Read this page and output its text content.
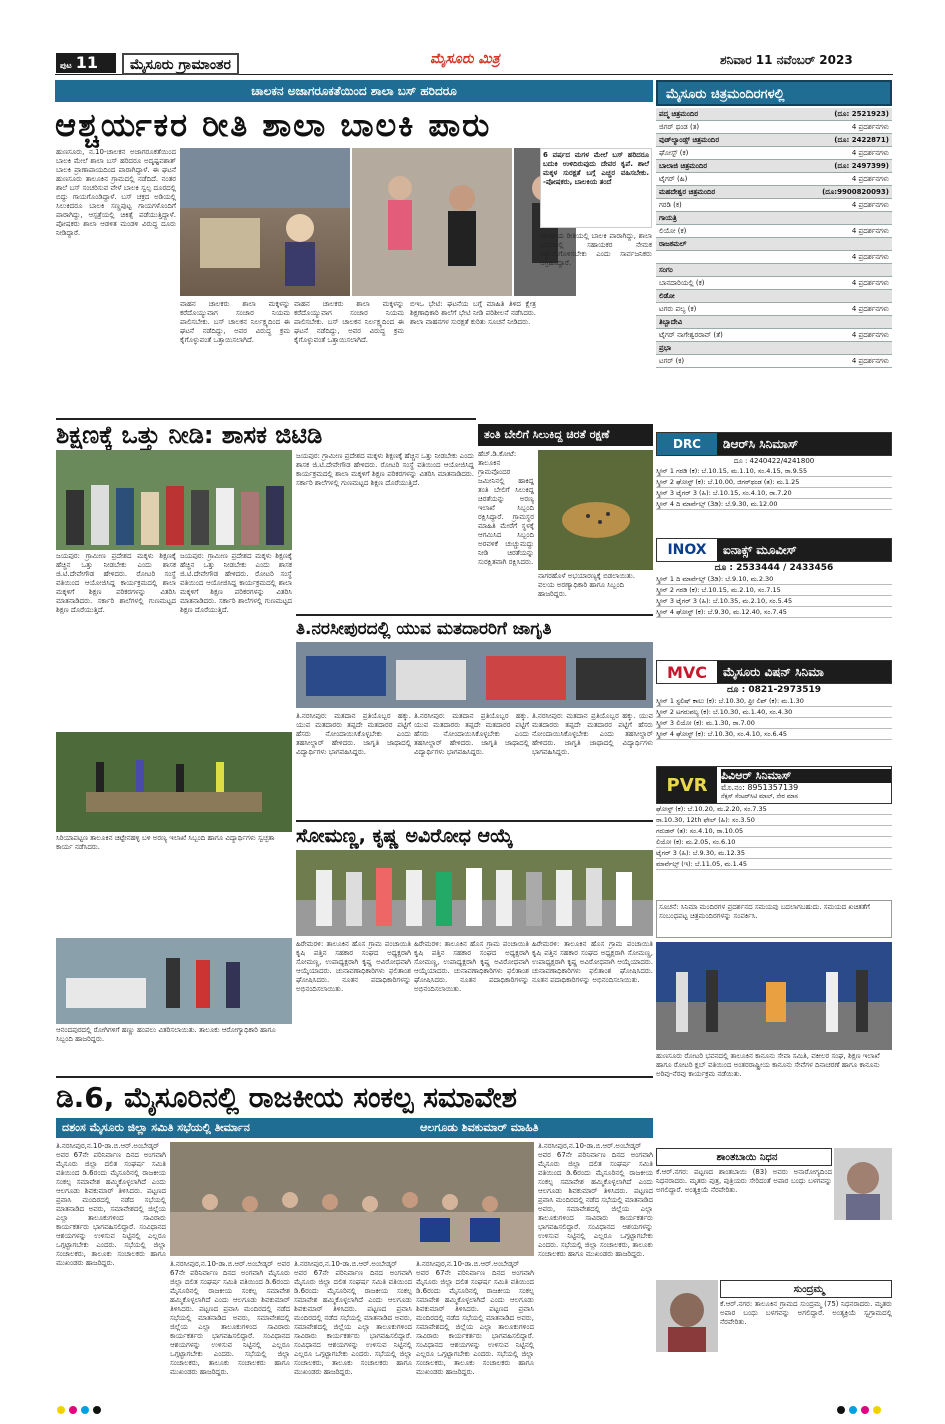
ಪುಟ 11	ಮೈಸೂರು ಗ್ರಾಮಾಂತರ	ಮೈಸೂರು ಮಿತ್ರ	ಶನಿವಾರ 11 ನವೆಂಬರ್ 2023
ಚಾಲಕನ ಅಜಾಗರೂಕತೆಯಿಂದ ಶಾಲಾ ಬಸ್ ಹರಿದರೂ
ಆಶ್ಚರ್ಯಕರ ರೀತಿ ಶಾಲಾ ಬಾಲಕಿ ಪಾರು
ಹುಣಸೂರು, ನ.10-ಚಾಲಕನ ಅಜಾಗರೂಕತೆಯಿಂದ ಬಾಲಕಿ ಮೇಲೆ ಶಾಲಾ ಬಸ್ ಹರಿದರೂ ಅದೃಷ್ಟವಶಾತ್ ಬಾಲಕಿ ಪ್ರಾಣಾಪಾಯದಿಂದ ಪಾರಾಗಿದ್ದಾಳೆ. ಈ ಘಟನೆ ಹುಣಸೂರು ತಾಲೂಕಿನ ಗ್ರಾಮದಲ್ಲಿ ನಡೆದಿದೆ. ನಂತರ ಶಾಲೆ ಬಸ್ ಸಂಚರಿಸುವ ವೇಳೆ ಬಾಲಕಿ ಸ್ವಲ್ಪ ದೂರದಲ್ಲಿ ಬಿದ್ದು ಗಾಯಗೊಂಡಿದ್ದಾಳೆ. ಬಸ್ ಚಕ್ರದ ಅಡಿಯಲ್ಲಿ ಸಿಲುಕಿದರೂ ಬಾಲಕಿ ಸಣ್ಣಪುಟ್ಟ ಗಾಯಗಳೊಂದಿಗೆ ಪಾರಾಗಿದ್ದು, ಆಸ್ಪತ್ರೆಯಲ್ಲಿ ಚಿಕಿತ್ಸೆ ಪಡೆಯುತ್ತಿದ್ದಾಳೆ. ಪೋಷಕರು ಶಾಲಾ ಆಡಳಿತ ಮಂಡಳಿ ವಿರುದ್ಧ ದೂರು ನೀಡಿದ್ದಾರೆ.
6 ವರ್ಷದ ಮಗಳ ಮೇಲೆ ಬಸ್ ಹರಿದರೂ ಬದುಕಿ ಉಳಿದಿರುವುದು ದೇವರ ಕೃಪೆ. ಶಾಲೆ ಮಕ್ಕಳ ಸುರಕ್ಷತೆ ಬಗ್ಗೆ ಎಚ್ಚರ ವಹಿಸಬೇಕು. -ಪೋಷಕರು, ಬಾಲಕಿಯ ತಂದೆ
ಸಿನಿಮೀಯ ರೀತಿಯಲ್ಲಿ ಬಾಲಕಿ ಪಾರಾಗಿದ್ದು, ಶಾಲಾ ಬಸ್‌ಗಳಲ್ಲಿ ಸಹಾಯಕರ ನೇಮಕ ಕಡ್ಡಾಯಗೊಳಿಸಬೇಕು ಎಂದು ಸಾರ್ವಜನಿಕರು ಆಗ್ರಹಿಸಿದ್ದಾರೆ.
ವಾಹನ ಚಾಲಕರು ಶಾಲಾ ಮಕ್ಕಳನ್ನು ಕರೆದೊಯ್ಯುವಾಗ ಸಂಚಾರ ನಿಯಮ ಪಾಲಿಸಬೇಕು. ಬಸ್ ಚಾಲಕನ ನಿರ್ಲಕ್ಷ್ಯದಿಂದ ಈ ಘಟನೆ ನಡೆದಿದ್ದು, ಅವರ ವಿರುದ್ಧ ಕ್ರಮ ಕೈಗೊಳ್ಳುವಂತೆ ಒತ್ತಾಯಿಸಲಾಗಿದೆ.
ವಾಹನ ಚಾಲಕರು ಶಾಲಾ ಮಕ್ಕಳನ್ನು ಕರೆದೊಯ್ಯುವಾಗ ಸಂಚಾರ ನಿಯಮ ಪಾಲಿಸಬೇಕು. ಬಸ್ ಚಾಲಕನ ನಿರ್ಲಕ್ಷ್ಯದಿಂದ ಈ ಘಟನೆ ನಡೆದಿದ್ದು, ಅವರ ವಿರುದ್ಧ ಕ್ರಮ ಕೈಗೊಳ್ಳುವಂತೆ ಒತ್ತಾಯಿಸಲಾಗಿದೆ.
ಬಿಇಒ ಭೇಟಿ: ಘಟನೆಯ ಬಗ್ಗೆ ಮಾಹಿತಿ ತಿಳಿದ ಕ್ಷೇತ್ರ ಶಿಕ್ಷಣಾಧಿಕಾರಿ ಶಾಲೆಗೆ ಭೇಟಿ ನೀಡಿ ಪರಿಶೀಲನೆ ನಡೆಸಿದರು. ಶಾಲಾ ವಾಹನಗಳ ಸುರಕ್ಷತೆ ಕುರಿತು ಸೂಚನೆ ನೀಡಿದರು.
ಶಿಕ್ಷಣಕ್ಕೆ ಒತ್ತು ನೀಡಿ: ಶಾಸಕ ಜಿಟಿಡಿ
ಜಯಪುರ: ಗ್ರಾಮೀಣ ಪ್ರದೇಶದ ಮಕ್ಕಳು ಶಿಕ್ಷಣಕ್ಕೆ ಹೆಚ್ಚಿನ ಒತ್ತು ನೀಡಬೇಕು ಎಂದು ಶಾಸಕ ಜಿ.ಟಿ.ದೇವೇಗೌಡ ಹೇಳಿದರು. ರೋಟರಿ ಸಂಸ್ಥೆ ವತಿಯಿಂದ ಆಯೋಜಿಸಿದ್ದ ಕಾರ್ಯಕ್ರಮದಲ್ಲಿ ಶಾಲಾ ಮಕ್ಕಳಿಗೆ ಶಿಕ್ಷಣ ಪರಿಕರಗಳನ್ನು ವಿತರಿಸಿ ಮಾತನಾಡಿದರು. ಸರ್ಕಾರಿ ಶಾಲೆಗಳಲ್ಲಿ ಗುಣಮಟ್ಟದ ಶಿಕ್ಷಣ ದೊರೆಯುತ್ತಿದೆ.
ಜಯಪುರ: ಗ್ರಾಮೀಣ ಪ್ರದೇಶದ ಮಕ್ಕಳು ಶಿಕ್ಷಣಕ್ಕೆ ಹೆಚ್ಚಿನ ಒತ್ತು ನೀಡಬೇಕು ಎಂದು ಶಾಸಕ ಜಿ.ಟಿ.ದೇವೇಗೌಡ ಹೇಳಿದರು. ರೋಟರಿ ಸಂಸ್ಥೆ ವತಿಯಿಂದ ಆಯೋಜಿಸಿದ್ದ ಕಾರ್ಯಕ್ರಮದಲ್ಲಿ ಶಾಲಾ ಮಕ್ಕಳಿಗೆ ಶಿಕ್ಷಣ ಪರಿಕರಗಳನ್ನು ವಿತರಿಸಿ ಮಾತನಾಡಿದರು. ಸರ್ಕಾರಿ ಶಾಲೆಗಳಲ್ಲಿ ಗುಣಮಟ್ಟದ ಶಿಕ್ಷಣ ದೊರೆಯುತ್ತಿದೆ.
ತಂತಿ ಬೇಲಿಗೆ ಸಿಲುಕಿದ್ದ ಚಿರತೆ ರಕ್ಷಣೆ
ಹೆಚ್.ಡಿ.ಕೋಟೆ: ತಾಲೂಕಿನ ಗ್ರಾಮವೊಂದರ ಜಮೀನಿನಲ್ಲಿ ಹಾಕಿದ್ದ ತಂತಿ ಬೇಲಿಗೆ ಸಿಲುಕಿದ್ದ ಚಿರತೆಯನ್ನು ಅರಣ್ಯ ಇಲಾಖೆ ಸಿಬ್ಬಂದಿ ರಕ್ಷಿಸಿದ್ದಾರೆ. ಗ್ರಾಮಸ್ಥರ ಮಾಹಿತಿ ಮೇರೆಗೆ ಸ್ಥಳಕ್ಕೆ ಆಗಮಿಸಿದ ಸಿಬ್ಬಂದಿ ಅರವಳಿಕೆ ಚುಚ್ಚುಮದ್ದು ನೀಡಿ ಚಿರತೆಯನ್ನು ಸುರಕ್ಷಿತವಾಗಿ ರಕ್ಷಿಸಿದರು.
ನಾಗರಹೊಳೆ ಅಭಯಾರಣ್ಯಕ್ಕೆ ಬಿಡಲಾಯಿತು. ವಲಯ ಅರಣ್ಯಾಧಿಕಾರಿ ಹಾಗೂ ಸಿಬ್ಬಂದಿ ಹಾಜರಿದ್ದರು.
ಜಯಪುರ: ಗ್ರಾಮೀಣ ಪ್ರದೇಶದ ಮಕ್ಕಳು ಶಿಕ್ಷಣಕ್ಕೆ ಹೆಚ್ಚಿನ ಒತ್ತು ನೀಡಬೇಕು ಎಂದು ಶಾಸಕ ಜಿ.ಟಿ.ದೇವೇಗೌಡ ಹೇಳಿದರು. ರೋಟರಿ ಸಂಸ್ಥೆ ವತಿಯಿಂದ ಆಯೋಜಿಸಿದ್ದ ಕಾರ್ಯಕ್ರಮದಲ್ಲಿ ಶಾಲಾ ಮಕ್ಕಳಿಗೆ ಶಿಕ್ಷಣ ಪರಿಕರಗಳನ್ನು ವಿತರಿಸಿ ಮಾತನಾಡಿದರು. ಸರ್ಕಾರಿ ಶಾಲೆಗಳಲ್ಲಿ ಗುಣಮಟ್ಟದ ಶಿಕ್ಷಣ ದೊರೆಯುತ್ತಿದೆ.
ತಿ.ನರಸೀಪುರದಲ್ಲಿ ಯುವ ಮತದಾರರಿಗೆ ಜಾಗೃತಿ
ತಿ.ನರಸೀಪುರ: ಮತದಾನ ಪ್ರತಿಯೊಬ್ಬರ ಹಕ್ಕು. ಯುವ ಮತದಾರರು ತಪ್ಪದೇ ಮತದಾರರ ಪಟ್ಟಿಗೆ ಹೆಸರು ನೋಂದಾಯಿಸಿಕೊಳ್ಳಬೇಕು ಎಂದು ತಹಸೀಲ್ದಾರ್ ಹೇಳಿದರು. ಜಾಗೃತಿ ಜಾಥಾದಲ್ಲಿ ವಿದ್ಯಾರ್ಥಿಗಳು ಭಾಗವಹಿಸಿದ್ದರು.
ತಿ.ನರಸೀಪುರ: ಮತದಾನ ಪ್ರತಿಯೊಬ್ಬರ ಹಕ್ಕು. ಯುವ ಮತದಾರರು ತಪ್ಪದೇ ಮತದಾರರ ಪಟ್ಟಿಗೆ ಹೆಸರು ನೋಂದಾಯಿಸಿಕೊಳ್ಳಬೇಕು ಎಂದು ತಹಸೀಲ್ದಾರ್ ಹೇಳಿದರು. ಜಾಗೃತಿ ಜಾಥಾದಲ್ಲಿ ವಿದ್ಯಾರ್ಥಿಗಳು ಭಾಗವಹಿಸಿದ್ದರು.
ತಿ.ನರಸೀಪುರ: ಮತದಾನ ಪ್ರತಿಯೊಬ್ಬರ ಹಕ್ಕು. ಯುವ ಮತದಾರರು ತಪ್ಪದೇ ಮತದಾರರ ಪಟ್ಟಿಗೆ ಹೆಸರು ನೋಂದಾಯಿಸಿಕೊಳ್ಳಬೇಕು ಎಂದು ತಹಸೀಲ್ದಾರ್ ಹೇಳಿದರು. ಜಾಗೃತಿ ಜಾಥಾದಲ್ಲಿ ವಿದ್ಯಾರ್ಥಿಗಳು ಭಾಗವಹಿಸಿದ್ದರು.
ಸಿರಿಯಾಪಟ್ಟಣ ತಾಲೂಕಿನ ಚಿಟ್ಟೇನಹಳ್ಳಿ ಬಳಿ ಅರಣ್ಯ ಇಲಾಖೆ ಸಿಬ್ಬಂದಿ ಹಾಗೂ ವಿದ್ಯಾರ್ಥಿಗಳು ಸ್ವಚ್ಛತಾ ಕಾರ್ಯ ನಡೆಸಿದರು.
ಆನಂದಪುರದಲ್ಲಿ ರೋಗಿಗಳಿಗೆ ಹಣ್ಣು ಹಂಪಲು ವಿತರಿಸಲಾಯಿತು. ತಾಲೂಕು ಆರೋಗ್ಯಾಧಿಕಾರಿ ಹಾಗೂ ಸಿಬ್ಬಂದಿ ಹಾಜರಿದ್ದರು.
ಸೋಮಣ್ಣ, ಕೃಷ್ಣ ಅವಿರೋಧ ಆಯ್ಕೆ
ಹಿರೇಮರಳಿ: ತಾಲೂಕಿನ ಹೊಸ ಗ್ರಾಮ ಪಂಚಾಯಿತಿ ಕೃಷಿ ಪತ್ತಿನ ಸಹಕಾರ ಸಂಘದ ಅಧ್ಯಕ್ಷರಾಗಿ ಸೋಮಣ್ಣ, ಉಪಾಧ್ಯಕ್ಷರಾಗಿ ಕೃಷ್ಣ ಅವಿರೋಧವಾಗಿ ಆಯ್ಕೆಯಾದರು. ಚುನಾವಣಾಧಿಕಾರಿಗಳು ಫಲಿತಾಂಶ ಘೋಷಿಸಿದರು. ನೂತನ ಪದಾಧಿಕಾರಿಗಳನ್ನು ಅಭಿನಂದಿಸಲಾಯಿತು.
ಹಿರೇಮರಳಿ: ತಾಲೂಕಿನ ಹೊಸ ಗ್ರಾಮ ಪಂಚಾಯಿತಿ ಕೃಷಿ ಪತ್ತಿನ ಸಹಕಾರ ಸಂಘದ ಅಧ್ಯಕ್ಷರಾಗಿ ಸೋಮಣ್ಣ, ಉಪಾಧ್ಯಕ್ಷರಾಗಿ ಕೃಷ್ಣ ಅವಿರೋಧವಾಗಿ ಆಯ್ಕೆಯಾದರು. ಚುನಾವಣಾಧಿಕಾರಿಗಳು ಫಲಿತಾಂಶ ಘೋಷಿಸಿದರು. ನೂತನ ಪದಾಧಿಕಾರಿಗಳನ್ನು ಅಭಿನಂದಿಸಲಾಯಿತು.
ಹಿರೇಮರಳಿ: ತಾಲೂಕಿನ ಹೊಸ ಗ್ರಾಮ ಪಂಚಾಯಿತಿ ಕೃಷಿ ಪತ್ತಿನ ಸಹಕಾರ ಸಂಘದ ಅಧ್ಯಕ್ಷರಾಗಿ ಸೋಮಣ್ಣ, ಉಪಾಧ್ಯಕ್ಷರಾಗಿ ಕೃಷ್ಣ ಅವಿರೋಧವಾಗಿ ಆಯ್ಕೆಯಾದರು. ಚುನಾವಣಾಧಿಕಾರಿಗಳು ಫಲಿತಾಂಶ ಘೋಷಿಸಿದರು. ನೂತನ ಪದಾಧಿಕಾರಿಗಳನ್ನು ಅಭಿನಂದಿಸಲಾಯಿತು.
ಡಿ.6, ಮೈಸೂರಿನಲ್ಲಿ ರಾಜಕೀಯ ಸಂಕಲ್ಪ ಸಮಾವೇಶ
ದಶಂಸ ಮೈಸೂರು ಜಿಲ್ಲಾ ಸಮಿತಿ ಸಭೆಯಲ್ಲಿ ತೀರ್ಮಾನ	ಆಲಗೂಡು ಶಿವಕುಮಾರ್ ಮಾಹಿತಿ
ತಿ.ನರಸೀಪುರ,ನ.10-ಡಾ.ಬಿ.ಆರ್.ಅಂಬೇಡ್ಕರ್ ಅವರ 67ನೇ ಪರಿನಿರ್ವಾಣ ದಿನದ ಅಂಗವಾಗಿ ಮೈಸೂರು ಜಿಲ್ಲಾ ದಲಿತ ಸಂಘರ್ಷ ಸಮಿತಿ ವತಿಯಿಂದ ಡಿ.6ರಂದು ಮೈಸೂರಿನಲ್ಲಿ ರಾಜಕೀಯ ಸಂಕಲ್ಪ ಸಮಾವೇಶ ಹಮ್ಮಿಕೊಳ್ಳಲಾಗಿದೆ ಎಂದು ಆಲಗೂಡು ಶಿವಕುಮಾರ್ ತಿಳಿಸಿದರು. ಪಟ್ಟಣದ ಪ್ರವಾಸಿ ಮಂದಿರದಲ್ಲಿ ನಡೆದ ಸಭೆಯಲ್ಲಿ ಮಾತನಾಡಿದ ಅವರು, ಸಮಾವೇಶದಲ್ಲಿ ಜಿಲ್ಲೆಯ ಎಲ್ಲಾ ತಾಲೂಕುಗಳಿಂದ ಸಾವಿರಾರು ಕಾರ್ಯಕರ್ತರು ಭಾಗವಹಿಸಲಿದ್ದಾರೆ. ಸಂವಿಧಾನದ ಆಶಯಗಳನ್ನು ಉಳಿಸುವ ನಿಟ್ಟಿನಲ್ಲಿ ಎಲ್ಲರೂ ಒಗ್ಗಟ್ಟಾಗಬೇಕು ಎಂದರು. ಸಭೆಯಲ್ಲಿ ಜಿಲ್ಲಾ ಸಂಚಾಲಕರು, ತಾಲೂಕು ಸಂಚಾಲಕರು ಹಾಗೂ ಮುಖಂಡರು ಹಾಜರಿದ್ದರು.	ತಿ.ನರಸೀಪುರ,ನ.10-ಡಾ.ಬಿ.ಆರ್.ಅಂಬೇಡ್ಕರ್ ಅವರ 67ನೇ ಪರಿನಿರ್ವಾಣ ದಿನದ ಅಂಗವಾಗಿ ಮೈಸೂರು ಜಿಲ್ಲಾ ದಲಿತ ಸಂಘರ್ಷ ಸಮಿತಿ ವತಿಯಿಂದ ಡಿ.6ರಂದು ಮೈಸೂರಿನಲ್ಲಿ ರಾಜಕೀಯ ಸಂಕಲ್ಪ ಸಮಾವೇಶ ಹಮ್ಮಿಕೊಳ್ಳಲಾಗಿದೆ ಎಂದು ಆಲಗೂಡು ಶಿವಕುಮಾರ್ ತಿಳಿಸಿದರು. ಪಟ್ಟಣದ ಪ್ರವಾಸಿ ಮಂದಿರದಲ್ಲಿ ನಡೆದ ಸಭೆಯಲ್ಲಿ ಮಾತನಾಡಿದ ಅವರು, ಸಮಾವೇಶದಲ್ಲಿ ಜಿಲ್ಲೆಯ ಎಲ್ಲಾ ತಾಲೂಕುಗಳಿಂದ ಸಾವಿರಾರು ಕಾರ್ಯಕರ್ತರು ಭಾಗವಹಿಸಲಿದ್ದಾರೆ. ಸಂವಿಧಾನದ ಆಶಯಗಳನ್ನು ಉಳಿಸುವ ನಿಟ್ಟಿನಲ್ಲಿ ಎಲ್ಲರೂ ಒಗ್ಗಟ್ಟಾಗಬೇಕು ಎಂದರು. ಸಭೆಯಲ್ಲಿ ಜಿಲ್ಲಾ ಸಂಚಾಲಕರು, ತಾಲೂಕು ಸಂಚಾಲಕರು ಹಾಗೂ ಮುಖಂಡರು ಹಾಜರಿದ್ದರು.
ತಿ.ನರಸೀಪುರ,ನ.10-ಡಾ.ಬಿ.ಆರ್.ಅಂಬೇಡ್ಕರ್ ಅವರ 67ನೇ ಪರಿನಿರ್ವಾಣ ದಿನದ ಅಂಗವಾಗಿ ಮೈಸೂರು ಜಿಲ್ಲಾ ದಲಿತ ಸಂಘರ್ಷ ಸಮಿತಿ ವತಿಯಿಂದ ಡಿ.6ರಂದು ಮೈಸೂರಿನಲ್ಲಿ ರಾಜಕೀಯ ಸಂಕಲ್ಪ ಸಮಾವೇಶ ಹಮ್ಮಿಕೊಳ್ಳಲಾಗಿದೆ ಎಂದು ಆಲಗೂಡು ಶಿವಕುಮಾರ್ ತಿಳಿಸಿದರು. ಪಟ್ಟಣದ ಪ್ರವಾಸಿ ಮಂದಿರದಲ್ಲಿ ನಡೆದ ಸಭೆಯಲ್ಲಿ ಮಾತನಾಡಿದ ಅವರು, ಸಮಾವೇಶದಲ್ಲಿ ಜಿಲ್ಲೆಯ ಎಲ್ಲಾ ತಾಲೂಕುಗಳಿಂದ ಸಾವಿರಾರು ಕಾರ್ಯಕರ್ತರು ಭಾಗವಹಿಸಲಿದ್ದಾರೆ. ಸಂವಿಧಾನದ ಆಶಯಗಳನ್ನು ಉಳಿಸುವ ನಿಟ್ಟಿನಲ್ಲಿ ಎಲ್ಲರೂ ಒಗ್ಗಟ್ಟಾಗಬೇಕು ಎಂದರು. ಸಭೆಯಲ್ಲಿ ಜಿಲ್ಲಾ ಸಂಚಾಲಕರು, ತಾಲೂಕು ಸಂಚಾಲಕರು ಹಾಗೂ ಮುಖಂಡರು ಹಾಜರಿದ್ದರು.
ತಿ.ನರಸೀಪುರ,ನ.10-ಡಾ.ಬಿ.ಆರ್.ಅಂಬೇಡ್ಕರ್ ಅವರ 67ನೇ ಪರಿನಿರ್ವಾಣ ದಿನದ ಅಂಗವಾಗಿ ಮೈಸೂರು ಜಿಲ್ಲಾ ದಲಿತ ಸಂಘರ್ಷ ಸಮಿತಿ ವತಿಯಿಂದ ಡಿ.6ರಂದು ಮೈಸೂರಿನಲ್ಲಿ ರಾಜಕೀಯ ಸಂಕಲ್ಪ ಸಮಾವೇಶ ಹಮ್ಮಿಕೊಳ್ಳಲಾಗಿದೆ ಎಂದು ಆಲಗೂಡು ಶಿವಕುಮಾರ್ ತಿಳಿಸಿದರು. ಪಟ್ಟಣದ ಪ್ರವಾಸಿ ಮಂದಿರದಲ್ಲಿ ನಡೆದ ಸಭೆಯಲ್ಲಿ ಮಾತನಾಡಿದ ಅವರು, ಸಮಾವೇಶದಲ್ಲಿ ಜಿಲ್ಲೆಯ ಎಲ್ಲಾ ತಾಲೂಕುಗಳಿಂದ ಸಾವಿರಾರು ಕಾರ್ಯಕರ್ತರು ಭಾಗವಹಿಸಲಿದ್ದಾರೆ. ಸಂವಿಧಾನದ ಆಶಯಗಳನ್ನು ಉಳಿಸುವ ನಿಟ್ಟಿನಲ್ಲಿ ಎಲ್ಲರೂ ಒಗ್ಗಟ್ಟಾಗಬೇಕು ಎಂದರು. ಸಭೆಯಲ್ಲಿ ಜಿಲ್ಲಾ ಸಂಚಾಲಕರು, ತಾಲೂಕು ಸಂಚಾಲಕರು ಹಾಗೂ ಮುಖಂಡರು ಹಾಜರಿದ್ದರು.
ತಿ.ನರಸೀಪುರ,ನ.10-ಡಾ.ಬಿ.ಆರ್.ಅಂಬೇಡ್ಕರ್ ಅವರ 67ನೇ ಪರಿನಿರ್ವಾಣ ದಿನದ ಅಂಗವಾಗಿ ಮೈಸೂರು ಜಿಲ್ಲಾ ದಲಿತ ಸಂಘರ್ಷ ಸಮಿತಿ ವತಿಯಿಂದ ಡಿ.6ರಂದು ಮೈಸೂರಿನಲ್ಲಿ ರಾಜಕೀಯ ಸಂಕಲ್ಪ ಸಮಾವೇಶ ಹಮ್ಮಿಕೊಳ್ಳಲಾಗಿದೆ ಎಂದು ಆಲಗೂಡು ಶಿವಕುಮಾರ್ ತಿಳಿಸಿದರು. ಪಟ್ಟಣದ ಪ್ರವಾಸಿ ಮಂದಿರದಲ್ಲಿ ನಡೆದ ಸಭೆಯಲ್ಲಿ ಮಾತನಾಡಿದ ಅವರು, ಸಮಾವೇಶದಲ್ಲಿ ಜಿಲ್ಲೆಯ ಎಲ್ಲಾ ತಾಲೂಕುಗಳಿಂದ ಸಾವಿರಾರು ಕಾರ್ಯಕರ್ತರು ಭಾಗವಹಿಸಲಿದ್ದಾರೆ. ಸಂವಿಧಾನದ ಆಶಯಗಳನ್ನು ಉಳಿಸುವ ನಿಟ್ಟಿನಲ್ಲಿ ಎಲ್ಲರೂ ಒಗ್ಗಟ್ಟಾಗಬೇಕು ಎಂದರು. ಸಭೆಯಲ್ಲಿ ಜಿಲ್ಲಾ ಸಂಚಾಲಕರು, ತಾಲೂಕು ಸಂಚಾಲಕರು ಹಾಗೂ ಮುಖಂಡರು ಹಾಜರಿದ್ದರು.
ಮೈಸೂರು ಚಿತ್ರಮಂದಿರಗಳಲ್ಲಿ
ಪದ್ಮ ಚಿತ್ರಮಂದಿರ	(ದೂ: 2521923)
ಜಿಗರ್ ಥಂಡ (ತ)	4 ಪ್ರದರ್ಶನಗಳು
ವುಡ್‌ಲ್ಯಾಂಡ್ಸ್ ಚಿತ್ರಮಂದಿರ	(ದೂ: 2422871)
ಘೋಸ್ಟ್ (ಕ)	4 ಪ್ರದರ್ಶನಗಳು
ಬಾಲಾಜಿ ಚಿತ್ರಮಂದಿರ	(ದೂ: 2497399)
ಟೈಗರ್ (ಹಿ)	4 ಪ್ರದರ್ಶನಗಳು
ಮಹದೇಶ್ವರ ಚಿತ್ರಮಂದಿರ	(ದೂ:9900820093)
ಗರಡಿ (ಕ)	4 ಪ್ರದರ್ಶನಗಳು
ಗಾಯತ್ರಿ
ಲಿಯೋ (ಕ)	4 ಪ್ರದರ್ಶನಗಳು
ರಾಜಕಮಲ್
4 ಪ್ರದರ್ಶನಗಳು
ಸಂಗಂ
ಬಾನದಾರಿಯಲ್ಲಿ (ಕ)	4 ಪ್ರದರ್ಶನಗಳು
ಲಿಡೋ
ಟಗರು ಪಲ್ಯ (ಕ)	4 ಪ್ರದರ್ಶನಗಳು
ತಿಬ್ಬಾದೇವಿ
ಟೈಗರ್ ನಾಗೇಶ್ವರರಾವ್ (ತೆ)	4 ಪ್ರದರ್ಶನಗಳು
ಪ್ರಭಾ
ಟಗರ್ (ಕ)	4 ಪ್ರದರ್ಶನಗಳು
DRC	ಡಿಆರ್‌ಸಿ ಸಿನಿಮಾಸ್
ದೂ : 4240422/4241800
ಸ್ಕ್ರೀನ್ 1 ಗರಡಿ (ಕ): ಬೆ.10.15, ಮ.1.10, ಸಂ.4.15, ರಾ.9.55
ಸ್ಕ್ರೀನ್ 2 ಘೋಸ್ಟ್ (ಕ): ಬೆ.10.00, ಜಿಗರ್‌ಥಂಡ (ತ): ಮ.1.25
ಸ್ಕ್ರೀನ್ 3 ಟೈಗರ್ 3 (ಹಿ): ಬೆ.10.15, ಸಂ.4.10, ರಾ.7.20
ಸ್ಕ್ರೀನ್ 4 ದಿ ಮಾರ್ವೆಲ್ಸ್ (3ಡಿ): ಬೆ.9.30, ಮ.12.00
INOX	ಐನಾಕ್ಸ್ ಮೂವೀಸ್
ದೂ : 2533444 / 2433456
ಸ್ಕ್ರೀನ್ 1 ದಿ ಮಾರ್ವೆಲ್ಸ್ (3ಡಿ): ಬೆ.9.10, ಮ.2.30
ಸ್ಕ್ರೀನ್ 2 ಗರಡಿ (ಕ): ಬೆ.10.15, ಮ.2.10, ಸಂ.7.15
ಸ್ಕ್ರೀನ್ 3 ಟೈಗರ್ 3 (ಹಿ): ಬೆ.10.35, ಮ.2.10, ಸಂ.5.45
ಸ್ಕ್ರೀನ್ 4 ಘೋಸ್ಟ್ (ಕ): ಬೆ.9.30, ಮ.12.40, ಸಂ.7.45
MVC	ಮೈಸೂರು ವಿಷನ್ ಸಿನಿಮಾ
ದೂ : 0821-2973519
ಸ್ಕ್ರೀನ್ 1 ಸ್ಟಲಿಷ್ ಕಾಲು (ಕ): ಬೆ.10.30, ಫ್ರೀ ಲಿಪ್ (ಕ): ಮ.1.30
ಸ್ಕ್ರೀನ್ 2 ಟಗರುಪಲ್ಯ (ಕ): ಬೆ.10.30, ಮ.1.40, ಸಂ.4.30
ಸ್ಕ್ರೀನ್ 3 ಲಿಯೋ (ಕ): ಮ.1.30, ರಾ.7.00
ಸ್ಕ್ರೀನ್ 4 ಘೋಸ್ಟ್ (ಕ): ಬೆ.10.30, ಸಂ.4.10, ಸಂ.6.45
PVR	ಪಿವಿಆರ್ ಸಿನಿಮಾಸ್
ಮೊ.ನಂ: 8951357139
ನೆಕ್ಸಸ್ ಸೆಂಟರ್‌ಸಿಟಿ ಮಾಲ್, ನೇರ ಮಾಸ
ಘೋಸ್ಟ್ (ಕ): ಬೆ.10.20, ಮ.2.20, ಸಂ.7.35
ರಾ.10.30, 12th ಫೇಲ್ (ಹಿ): ಸಂ.3.50
ಗರುಡನ್ (ತ): ಸಂ.4.10, ರಾ.10.05
ಲಿಯೋ (ಕ): ಮ.2.05, ಸಂ.6.10
ಟೈಗರ್ 3 (ಹಿ): ಬೆ.9.30, ಮ.12.35
ಮಾರ್ವೆಲ್ಸ್ (ಇ): ಬೆ.11.05, ಮ.1.45
ಸೂಚನೆ: ಸಿನಿಮಾ ಮಂದಿರಗಳ ಪ್ರದರ್ಶನದ ಸಮಯವು ಬದಲಾಗಬಹುದು. ಸಮಯದ ಖಚಿತತೆಗೆ ಸಂಬಂಧಪಟ್ಟ ಚಿತ್ರಮಂದಿರಗಳನ್ನು ಸಂಪರ್ಕಿಸಿ.
ಹುಣಸೂರು ರೋಟರಿ ಭವನದಲ್ಲಿ ತಾಲೂಕಿನ ಕಾನೂನು ಸೇವಾ ಸಮಿತಿ, ವಕೀಲರ ಸಂಘ, ಶಿಕ್ಷಣ ಇಲಾಖೆ ಹಾಗೂ ರೋಟರಿ ಕ್ಲಬ್ ವತಿಯಿಂದ ಅಂತರರಾಷ್ಟ್ರೀಯ ಕಾನೂನು ಸೇವೆಗಳ ದಿನಾಚರಣೆ ಹಾಗೂ ಕಾನೂನು ಅರಿವು-ನೆರವು ಕಾರ್ಯಕ್ರಮ ನಡೆಯಿತು.
ಶಾಂತಬಾಯಿ ನಿಧನ
ಕೆ.ಆರ್.ನಗರ: ಪಟ್ಟಣದ ಶಾಂತಬಾಯಿ (83) ಅವರು ಅನಾರೋಗ್ಯದಿಂದ ನಿಧನರಾದರು. ಮೃತರು ಪುತ್ರ, ಪುತ್ರಿಯರು ಸೇರಿದಂತೆ ಅಪಾರ ಬಂಧು ಬಳಗವನ್ನು ಅಗಲಿದ್ದಾರೆ. ಅಂತ್ಯಕ್ರಿಯೆ ನೆರವೇರಿತು.
ಸುಂದ್ರಮ್ಮ
ಕೆ.ಆರ್.ನಗರ: ತಾಲೂಕಿನ ಗ್ರಾಮದ ಸುಂದ್ರಮ್ಮ (75) ನಿಧನರಾದರು. ಮೃತರು ಅಪಾರ ಬಂಧು ಬಳಗವನ್ನು ಅಗಲಿದ್ದಾರೆ. ಅಂತ್ಯಕ್ರಿಯೆ ಸ್ವಗ್ರಾಮದಲ್ಲಿ ನೆರವೇರಿತು.
